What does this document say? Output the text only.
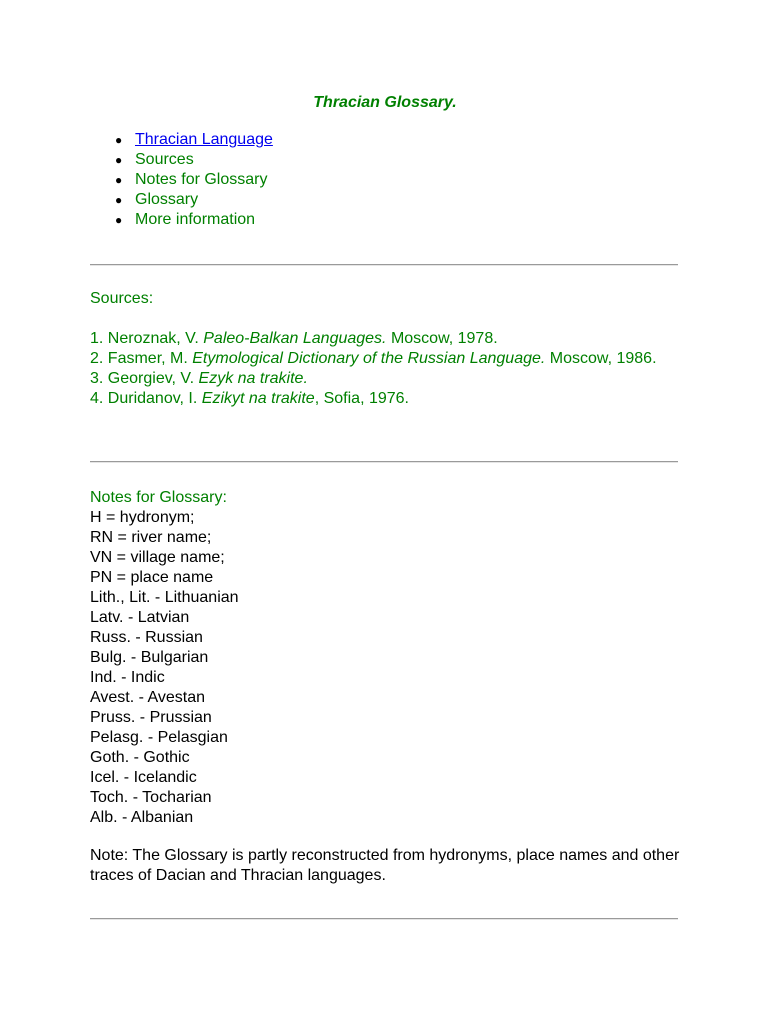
Thracian Glossary.
● Thracian Language
● Sources
● Notes for Glossary
● Glossary
● More information
Sources:
1. Neroznak, V. Paleo-Balkan Languages. Moscow, 1978.
2. Fasmer, M. Etymological Dictionary of the Russian Language. Moscow, 1986.
3. Georgiev, V. Ezyk na trakite.
4. Duridanov, I. Ezikyt na trakite, Sofia, 1976.
Notes for Glossary:
H = hydronym;
RN = river name;
VN = village name;
PN = place name
Lith., Lit. - Lithuanian
Latv. - Latvian
Russ. - Russian
Bulg. - Bulgarian
Ind. - Indic
Avest. - Avestan
Pruss. - Prussian
Pelasg. - Pelasgian
Goth. - Gothic
Icel. - Icelandic
Toch. - Tocharian
Alb. - Albanian
Note: The Glossary is partly reconstructed from hydronyms, place names and other traces of Dacian and Thracian languages.
